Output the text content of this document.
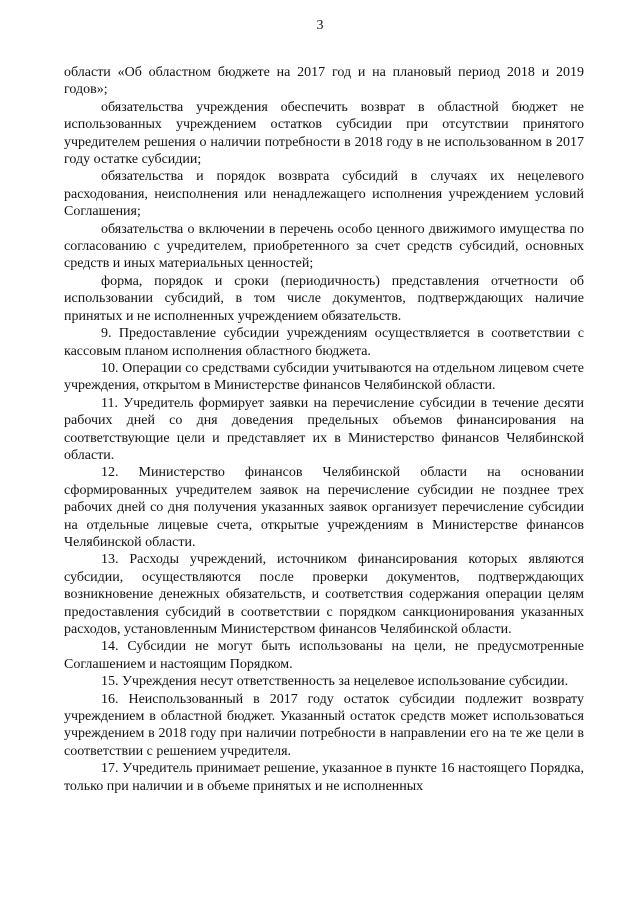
3

области «Об областном бюджете на 2017 год и на плановый период 2018 и 2019 годов»;

обязательства учреждения обеспечить возврат в областной бюджет не использованных учреждением остатков субсидии при отсутствии принятого учредителем решения о наличии потребности в 2018 году в не использованном в 2017 году остатке субсидии;

обязательства и порядок возврата субсидий в случаях их нецелевого расходования, неисполнения или ненадлежащего исполнения учреждением условий Соглашения;

обязательства о включении в перечень особо ценного движимого имущества по согласованию с учредителем, приобретенного за счет средств субсидий, основных средств и иных материальных ценностей;

форма, порядок и сроки (периодичность) представления отчетности об использовании субсидий, в том числе документов, подтверждающих наличие принятых и не исполненных учреждением обязательств.

9. Предоставление субсидии учреждениям осуществляется в соответствии с кассовым планом исполнения областного бюджета.

10. Операции со средствами субсидии учитываются на отдельном лицевом счете учреждения, открытом в Министерстве финансов Челябинской области.

11. Учредитель формирует заявки на перечисление субсидии в течение десяти рабочих дней со дня доведения предельных объемов финансирования на соответствующие цели и представляет их в Министерство финансов Челябинской области.

12. Министерство финансов Челябинской области на основании сформированных учредителем заявок на перечисление субсидии не позднее трех рабочих дней со дня получения указанных заявок организует перечисление субсидии на отдельные лицевые счета, открытые учреждениям в Министерстве финансов Челябинской области.

13. Расходы учреждений, источником финансирования которых являются субсидии, осуществляются после проверки документов, подтверждающих возникновение денежных обязательств, и соответствия содержания операции целям предоставления субсидий в соответствии с порядком санкционирования указанных расходов, установленным Министерством финансов Челябинской области.

14. Субсидии не могут быть использованы на цели, не предусмотренные Соглашением и настоящим Порядком.

15. Учреждения несут ответственность за нецелевое использование субсидии.

16. Неиспользованный в 2017 году остаток субсидии подлежит возврату учреждением в областной бюджет. Указанный остаток средств может использоваться учреждением в 2018 году при наличии потребности в направлении его на те же цели в соответствии с решением учредителя.

17. Учредитель принимает решение, указанное в пункте 16 настоящего Порядка, только при наличии и в объеме принятых и не исполненных
